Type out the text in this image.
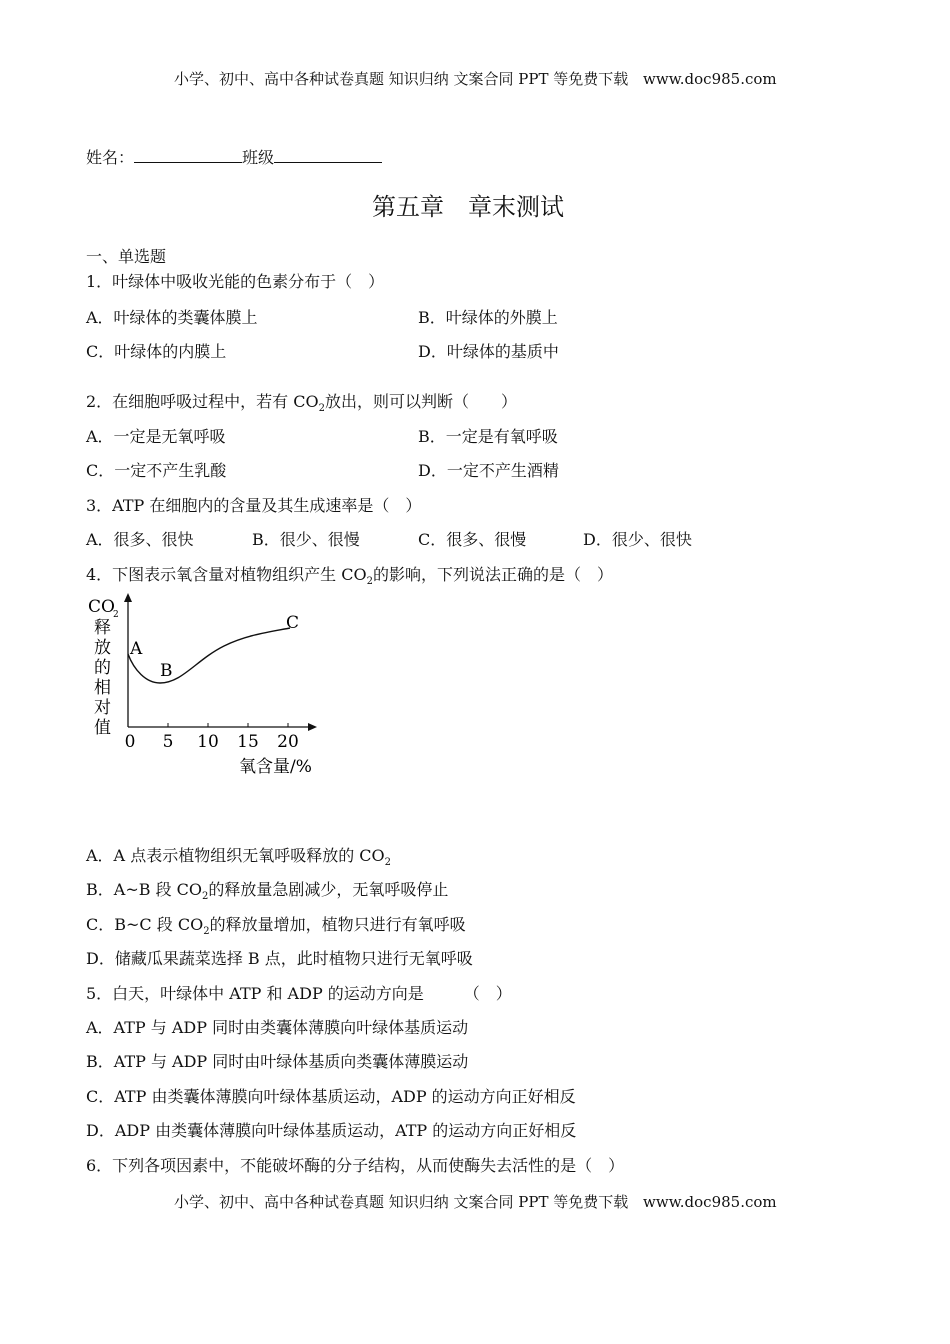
小学、初中、高中各种试卷真题 知识归纳 文案合同 PPT 等免费下载 www.doc985.com
姓名：	班级
第五章　章末测试
一、单选题
1．叶绿体中吸收光能的色素分布于（　）
A．叶绿体的类囊体膜上	B．叶绿体的外膜上
C．叶绿体的内膜上	D．叶绿体的基质中
2．在细胞呼吸过程中，若有 $CO_2$放出，则可以判断（　　）
A．一定是无氧呼吸	B．一定是有氧呼吸
C．一定不产生乳酸	D．一定不产生酒精
3．ATP 在细胞内的含量及其生成速率是（　）
A．很多、很快	B．很少、很慢	C．很多、很慢	D．很少、很快
4．下图表示氧含量对植物组织产生 $CO_2$的影响，下列说法正确的是（　）
CO
2
释
放
的
相
对
值
0 5 10 15 20
A
B
C
氧含量/%
A．A 点表示植物组织无氧呼吸释放的 $CO_2$
B．A~B 段 $CO_2$的释放量急剧减少，无氧呼吸停止
C．B~C 段 $CO_2$的释放量增加，植物只进行有氧呼吸
D．储藏瓜果蔬菜选择 B 点，此时植物只进行无氧呼吸
5．白天，叶绿体中 ATP 和 ADP 的运动方向是　　　（　）
A．ATP 与 ADP 同时由类囊体薄膜向叶绿体基质运动
B．ATP 与 ADP 同时由叶绿体基质向类囊体薄膜运动
C．ATP 由类囊体薄膜向叶绿体基质运动，ADP 的运动方向正好相反
D．ADP 由类囊体薄膜向叶绿体基质运动，ATP 的运动方向正好相反
6．下列各项因素中，不能破坏酶的分子结构，从而使酶失去活性的是（　）
小学、初中、高中各种试卷真题 知识归纳 文案合同 PPT 等免费下载 www.doc985.com
